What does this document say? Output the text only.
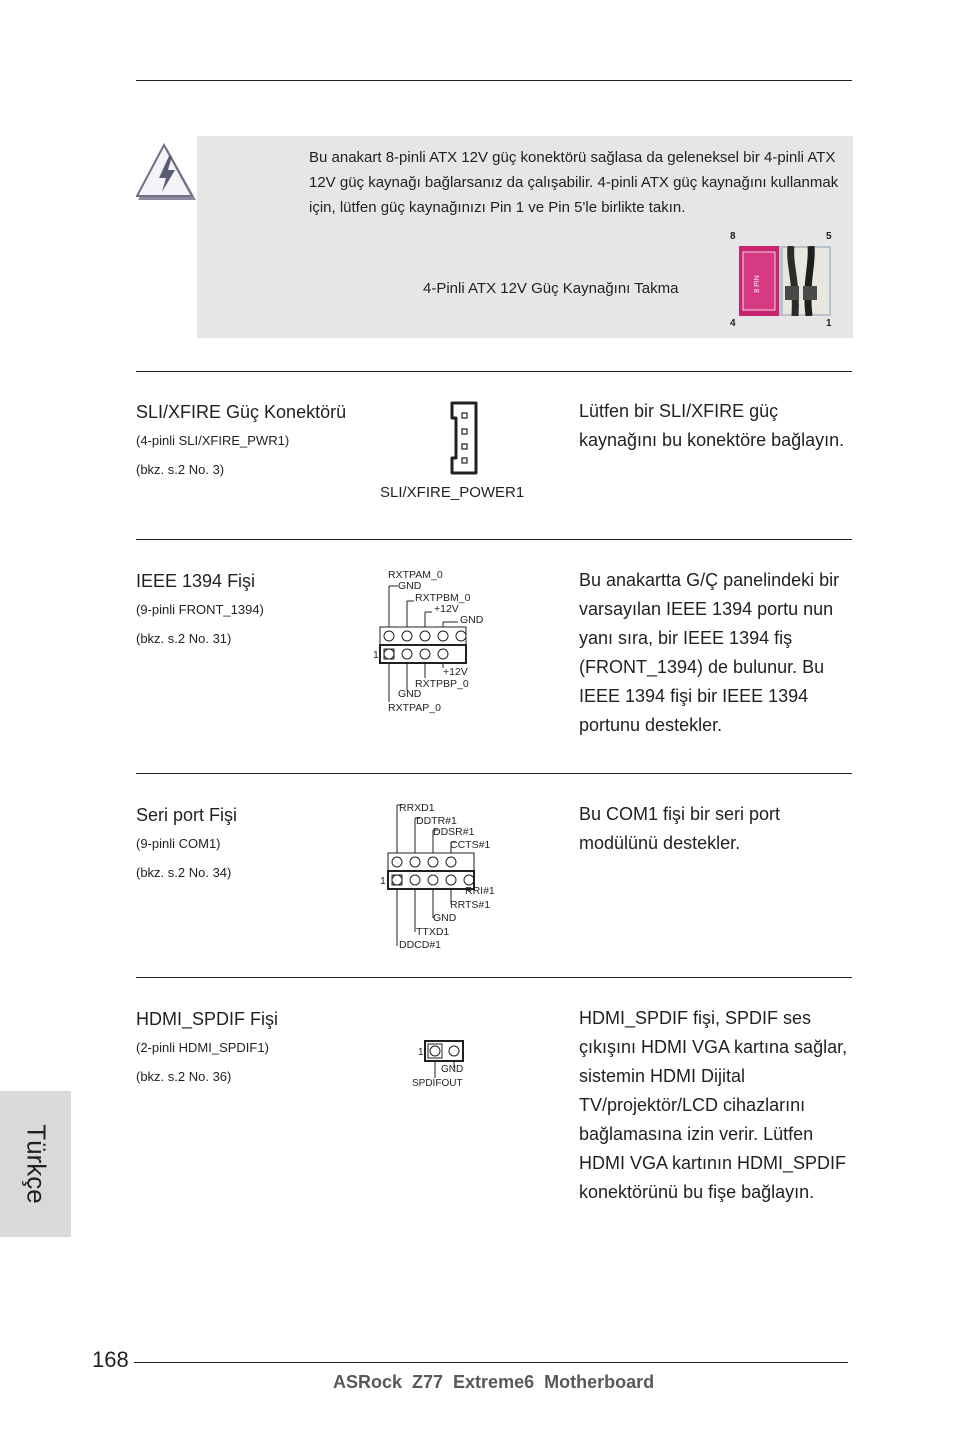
Bu anakart 8-pinli ATX 12V güç konektörü sağlasa da geleneksel bir 4-pinli ATX 12V güç kaynağı bağlarsanız da çalışabilir. 4-pinli ATX güç kaynağını kullanmak için, lütfen güç kaynağınızı Pin 1 ve Pin 5'le birlikte takın.
4-Pinli ATX 12V Güç Kaynağını Takma
8	5
4	1
8 PIN
SLI/XFIRE Güç Konektörü
(4-pinli SLI/XFIRE_PWR1)
(bkz. s.2 No. 3)
SLI/XFIRE_POWER1
Lütfen bir SLI/XFIRE güç kaynağını bu konektöre bağlayın.
IEEE 1394 Fişi
(9-pinli FRONT_1394)
(bkz. s.2 No. 31)
RXTPAM_0
GND
RXTPBM_0
+12V
GND
+12V
RXTPBP_0
GND
RXTPAP_0
1
Bu anakartta G/Ç panelindeki bir varsayılan IEEE 1394 portu nun yanı sıra, bir IEEE 1394 fiş (FRONT_1394) de bulunur. Bu IEEE 1394 fişi bir IEEE 1394 portunu destekler.
Seri port Fişi
(9-pinli COM1)
(bkz. s.2 No. 34)
RRXD1
DDTR#1
DDSR#1
CCTS#1
RRI#1
RRTS#1
GND
TTXD1
DDCD#1
1
Bu COM1 fişi bir seri port modülünü destekler.
HDMI_SPDIF Fişi
(2-pinli HDMI_SPDIF1)
(bkz. s.2 No. 36)
1
GND
SPDIFOUT
HDMI_SPDIF fişi, SPDIF ses çıkışını HDMI VGA kartına sağlar, sistemin HDMI Dijital TV/projektör/LCD cihazlarını bağlamasına izin verir. Lütfen HDMI VGA kartının HDMI_SPDIF konektörünü bu fişe bağlayın.
Türkçe
168
ASRock  Z77  Extreme6  Motherboard
